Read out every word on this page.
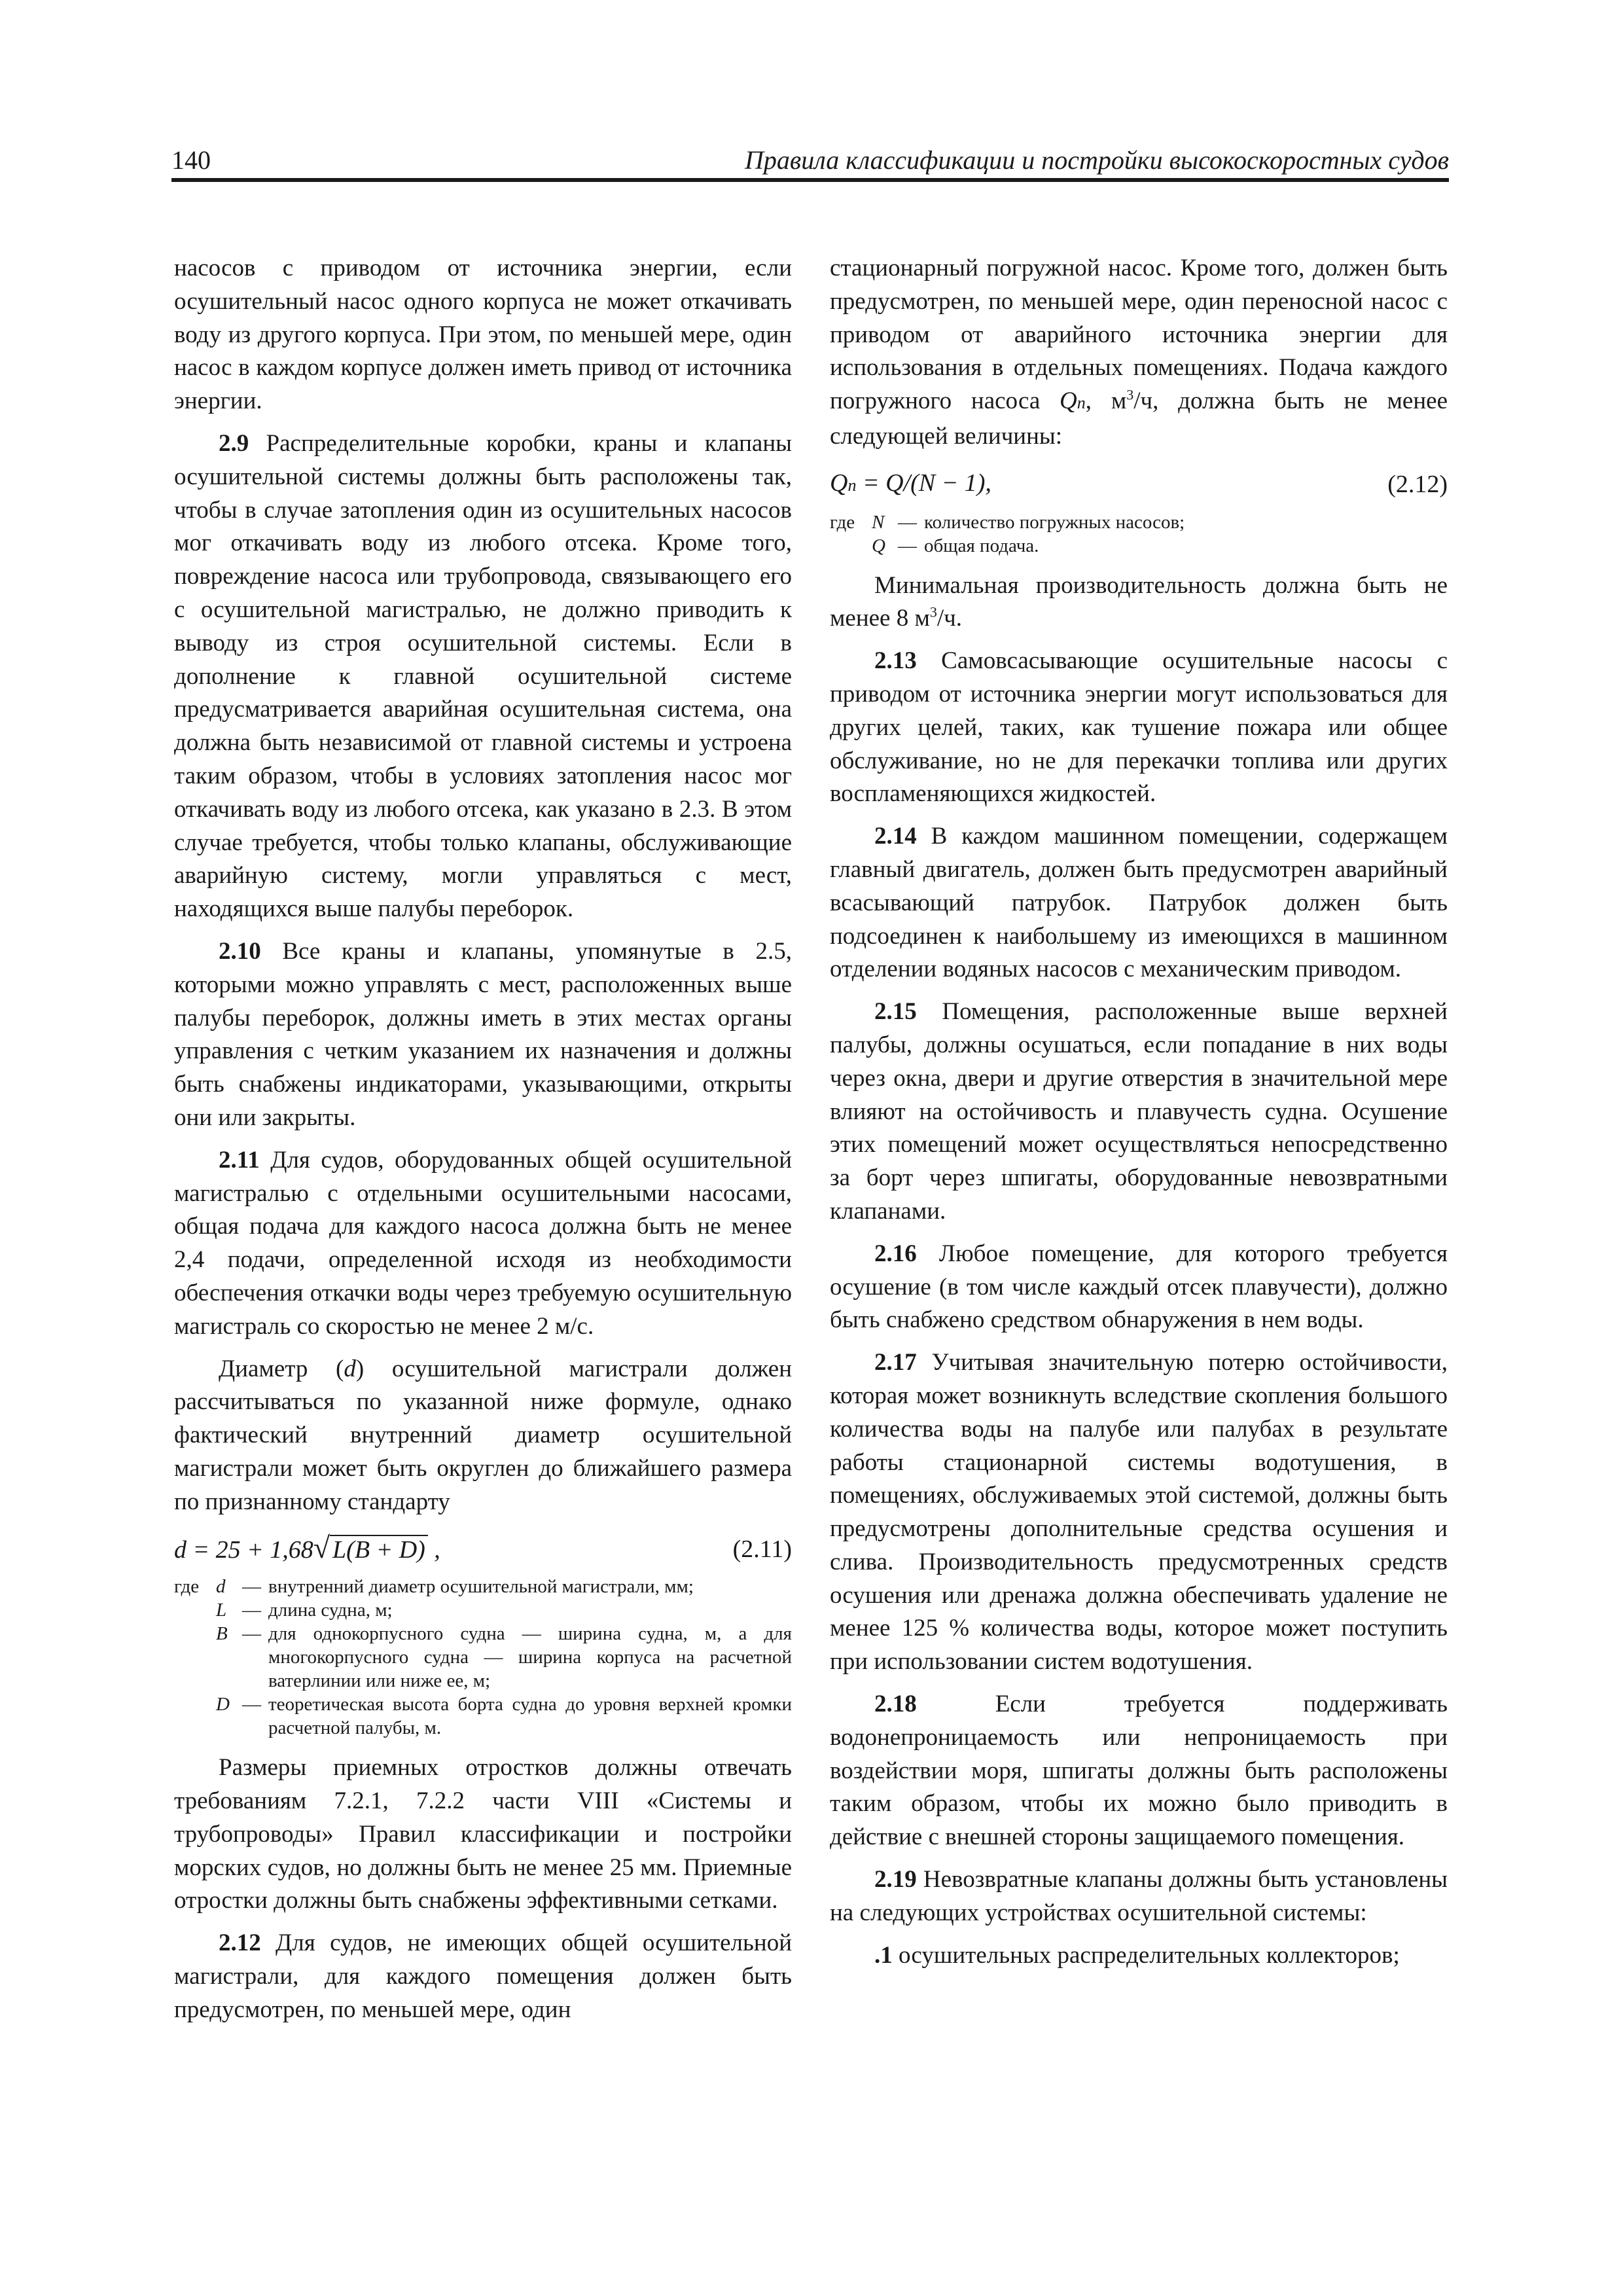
140	Правила классификации и постройки высокоскоростных судов

насосов с приводом от источника энергии, если осушительный насос одного корпуса не может откачивать воду из другого корпуса. При этом, по меньшей мере, один насос в каждом корпусе должен иметь привод от источника энергии.

2.9 Распределительные коробки, краны и клапаны осушительной системы должны быть расположены так, чтобы в случае затопления один из осушительных насосов мог откачивать воду из любого отсека. Кроме того, повреждение насоса или трубопровода, связывающего его с осушительной магистралью, не должно приводить к выводу из строя осушительной системы. Если в дополнение к главной осушительной системе предусматривается аварийная осушительная система, она должна быть независимой от главной системы и устроена таким образом, чтобы в условиях затопления насос мог откачивать воду из любого отсека, как указано в 2.3. В этом случае требуется, чтобы только клапаны, обслуживающие аварийную систему, могли управляться с мест, находящихся выше палубы переборок.

2.10 Все краны и клапаны, упомянутые в 2.5, которыми можно управлять с мест, расположенных выше палубы переборок, должны иметь в этих местах органы управления с четким указанием их назначения и должны быть снабжены индикаторами, указывающими, открыты они или закрыты.

2.11 Для судов, оборудованных общей осушительной магистралью с отдельными осушительными насосами, общая подача для каждого насоса должна быть не менее 2,4 подачи, определенной исходя из необходимости обеспечения откачки воды через требуемую осушительную магистраль со скоростью не менее 2 м/с.

Диаметр (d) осушительной магистрали должен рассчитываться по указанной ниже формуле, однако фактический внутренний диаметр осушительной магистрали может быть округлен до ближайшего размера по признанному стандарту

d = 25 + 1,68√ L(B + D) ,	(2.11)
где d — внутренний диаметр осушительной магистрали, мм;
L — длина судна, м;
B — для однокорпусного судна — ширина судна, м, а для многокорпусного судна — ширина корпуса на расчетной ватерлинии или ниже ее, м;
D — теоретическая высота борта судна до уровня верхней кромки расчетной палубы, м.

Размеры приемных отростков должны отвечать требованиям 7.2.1, 7.2.2 части VIII «Системы и трубопроводы» Правил классификации и постройки морских судов, но должны быть не менее 25 мм. Приемные отростки должны быть снабжены эффективными сетками.

2.12 Для судов, не имеющих общей осушительной магистрали, для каждого помещения должен быть предусмотрен, по меньшей мере, один

стационарный погружной насос. Кроме того, должен быть предусмотрен, по меньшей мере, один переносной насос с приводом от аварийного источника энергии для использования в отдельных помещениях. Подача каждого погружного насоса Qn, $м^3/ч$, должна быть не менее следующей величины:

Qn = Q/(N − 1),	(2.12)
где N — количество погружных насосов;
Q — общая подача.

Минимальная производительность должна быть не менее 8 $м^3/ч$.

2.13 Самовсасывающие осушительные насосы с приводом от источника энергии могут использоваться для других целей, таких, как тушение пожара или общее обслуживание, но не для перекачки топлива или других воспламеняющихся жидкостей.

2.14 В каждом машинном помещении, содержащем главный двигатель, должен быть предусмотрен аварийный всасывающий патрубок. Патрубок должен быть подсоединен к наибольшему из имеющихся в машинном отделении водяных насосов с механическим приводом.

2.15 Помещения, расположенные выше верхней палубы, должны осушаться, если попадание в них воды через окна, двери и другие отверстия в значительной мере влияют на остойчивость и плавучесть судна. Осушение этих помещений может осуществляться непосредственно за борт через шпигаты, оборудованные невозвратными клапанами.

2.16 Любое помещение, для которого требуется осушение (в том числе каждый отсек плавучести), должно быть снабжено средством обнаружения в нем воды.

2.17 Учитывая значительную потерю остойчивости, которая может возникнуть вследствие скопления большого количества воды на палубе или палубах в результате работы стационарной системы водотушения, в помещениях, обслуживаемых этой системой, должны быть предусмотрены дополнительные средства осушения и слива. Производительность предусмотренных средств осушения или дренажа должна обеспечивать удаление не менее 125 % количества воды, которое может поступить при использовании систем водотушения.

2.18 Если требуется поддерживать водонепроницаемость или непроницаемость при воздействии моря, шпигаты должны быть расположены таким образом, чтобы их можно было приводить в действие с внешней стороны защищаемого помещения.

2.19 Невозвратные клапаны должны быть установлены на следующих устройствах осушительной системы:

.1 осушительных распределительных коллекторов;
